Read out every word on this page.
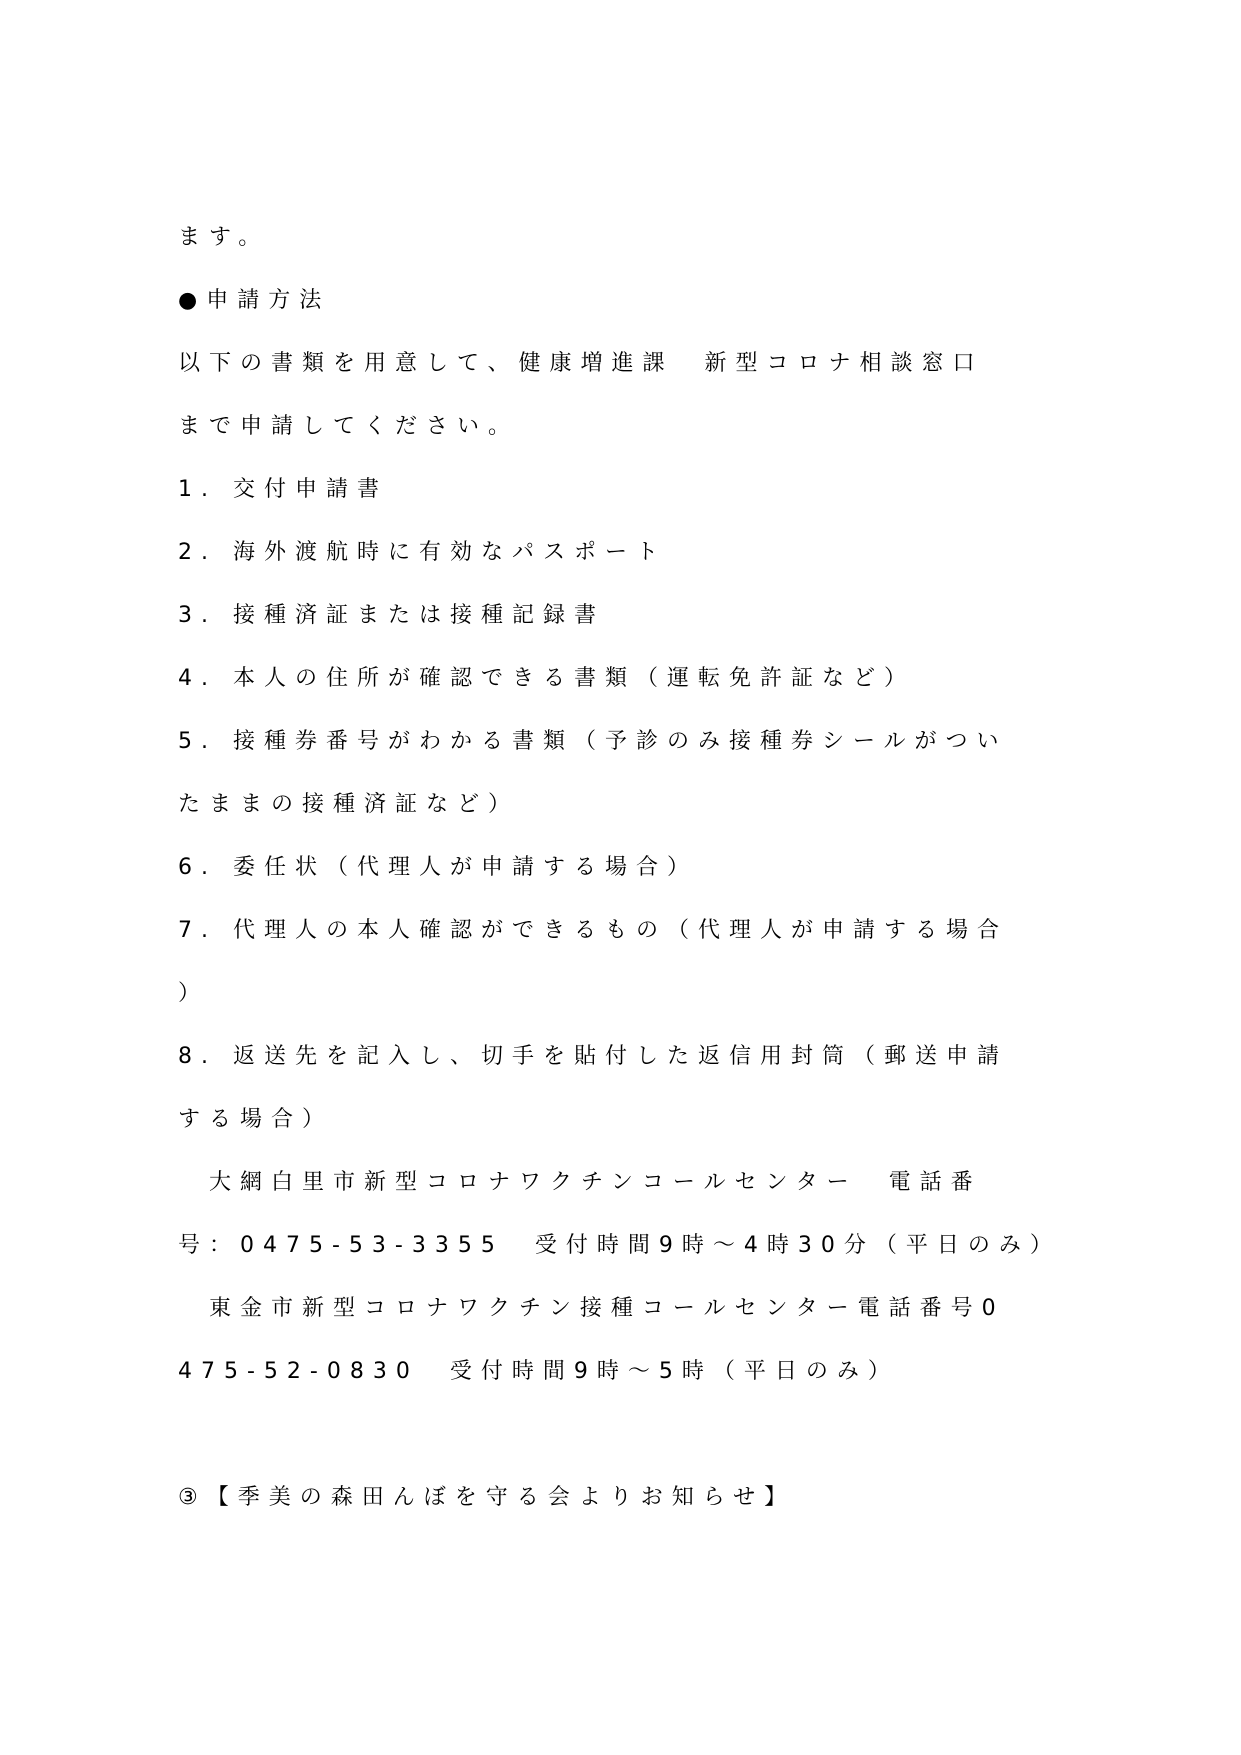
ます。
●申請方法
以下の書類を用意して、健康増進課　新型コロナ相談窓口
まで申請してください。
1. 交付申請書
2. 海外渡航時に有効なパスポート
3. 接種済証または接種記録書
4. 本人の住所が確認できる書類（運転免許証など）
5. 接種券番号がわかる書類（予診のみ接種券シールがつい
たままの接種済証など）
6. 委任状（代理人が申請する場合）
7. 代理人の本人確認ができるもの（代理人が申請する場合
）
8. 返送先を記入し、切手を貼付した返信用封筒（郵送申請
する場合）
　大網白里市新型コロナワクチンコールセンター　電話番
号：0475-53-3355　受付時間9時～4時30分（平日のみ）
　東金市新型コロナワクチン接種コールセンター電話番号0
475-52-0830　受付時間9時～5時（平日のみ）
③【季美の森田んぼを守る会よりお知らせ】
